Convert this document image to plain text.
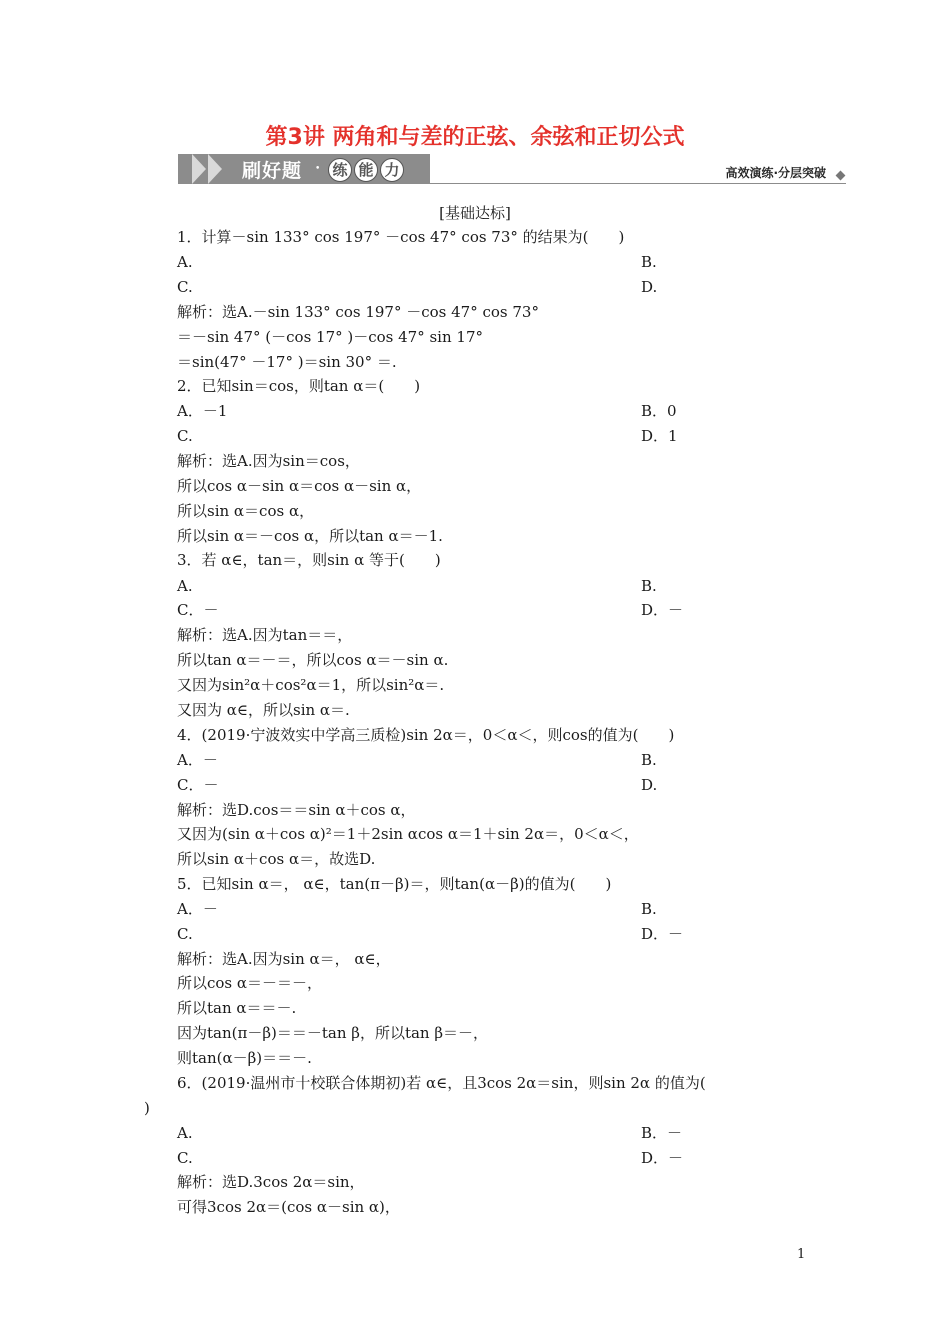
第3讲 两角和与差的正弦、余弦和正切公式
刷好题 • 练 能 力	高效演练·分层突破
[基础达标]
1．计算－sin 133° cos 197° －cos 47° cos 73° 的结果为(　　)
A.
C.
解析：选A.－sin 133° cos 197° －cos 47° cos 73°
＝－sin 47° (－cos 17° )－cos 47° sin 17°
＝sin(47° －17° )＝sin 30° ＝.
2．已知sin＝cos，则tan α＝(　　)
A．－1
C.
解析：选A.因为sin＝cos，
所以cos α－sin α＝cos α－sin α，
所以sin α＝cos α，
所以sin α＝－cos α，所以tan α＝－1.
3．若 α∈，tan＝，则sin α 等于(　　)
A.
C．－
解析：选A.因为tan＝＝，
所以tan α＝－＝，所以cos α＝－sin α.
又因为sin²α＋cos²α＝1，所以sin²α＝.
又因为 α∈，所以sin α＝.
4．(2019·宁波效实中学高三质检)sin 2α＝，0＜α＜，则cos的值为(　　)
A．－
C．－
解析：选D.cos＝＝sin α＋cos α，
又因为(sin α＋cos α)²＝1＋2sin αcos α＝1＋sin 2α＝，0＜α＜，
所以sin α＋cos α＝，故选D.
5．已知sin α＝， α∈，tan(π－β)＝，则tan(α－β)的值为(　　)
A．－
C.
解析：选A.因为sin α＝， α∈，
所以cos α＝－＝－，
所以tan α＝＝－.
因为tan(π－β)＝＝－tan β，所以tan β＝－，
则tan(α－β)＝＝－.
6．(2019·温州市十校联合体期初)若 α∈，且3cos 2α＝sin，则sin 2α 的值为(
)
A.
C.
解析：选D.3cos 2α＝sin，
可得3cos 2α＝(cos α－sin α)，
B.
D.
B．0
D．1
B.
D．－
B.
D.
B.
D．－
B．－
D．－
1
